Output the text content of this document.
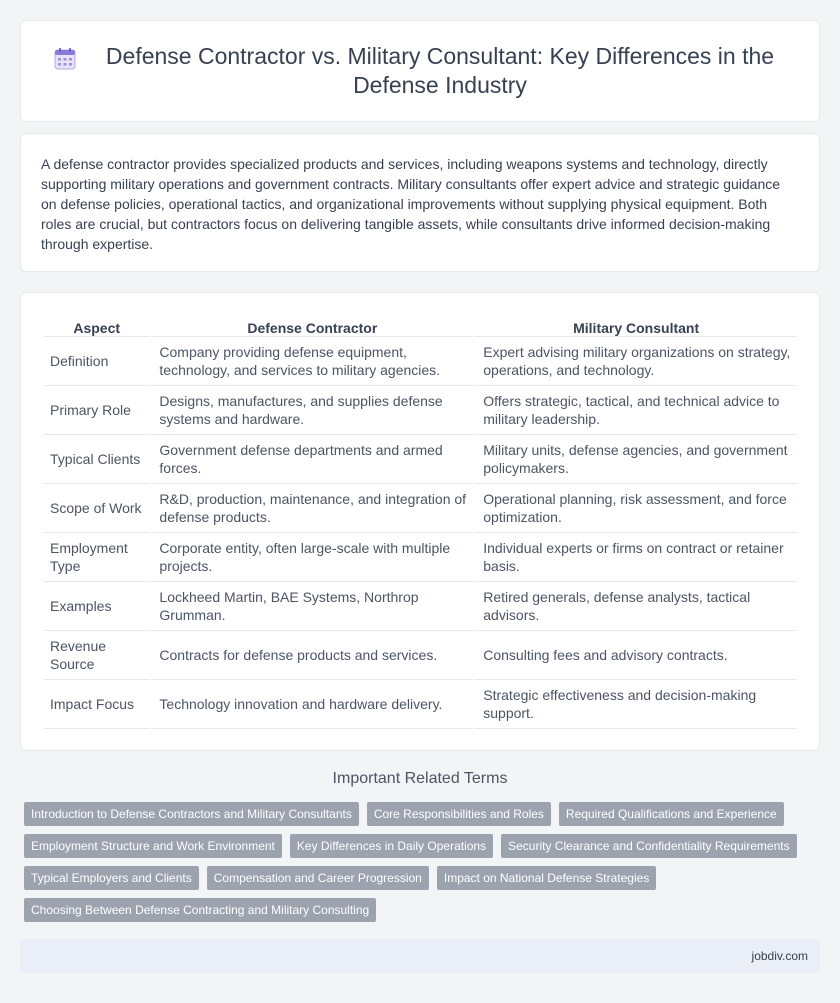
Defense Contractor vs. Military Consultant: Key Differences in the Defense Industry

A defense contractor provides specialized products and services, including weapons systems and technology, directly supporting military operations and government contracts. Military consultants offer expert advice and strategic guidance on defense policies, operational tactics, and organizational improvements without supplying physical equipment. Both roles are crucial, but contractors focus on delivering tangible assets, while consultants drive informed decision-making through expertise.

Aspect	Defense Contractor	Military Consultant
Definition	Company providing defense equipment, technology, and services to military agencies.	Expert advising military organizations on strategy, operations, and technology.
Primary Role	Designs, manufactures, and supplies defense systems and hardware.	Offers strategic, tactical, and technical advice to military leadership.
Typical Clients	Government defense departments and armed forces.	Military units, defense agencies, and government policymakers.
Scope of Work	R&D, production, maintenance, and integration of defense products.	Operational planning, risk assessment, and force optimization.
Employment Type	Corporate entity, often large-scale with multiple projects.	Individual experts or firms on contract or retainer basis.
Examples	Lockheed Martin, BAE Systems, Northrop Grumman.	Retired generals, defense analysts, tactical advisors.
Revenue Source	Contracts for defense products and services.	Consulting fees and advisory contracts.
Impact Focus	Technology innovation and hardware delivery.	Strategic effectiveness and decision-making support.
Important Related Terms
Introduction to Defense Contractors and Military Consultants	Core Responsibilities and Roles	Required Qualifications and Experience
Employment Structure and Work Environment	Key Differences in Daily Operations	Security Clearance and Confidentiality Requirements
Typical Employers and Clients	Compensation and Career Progression	Impact on National Defense Strategies
Choosing Between Defense Contracting and Military Consulting
jobdiv.com
